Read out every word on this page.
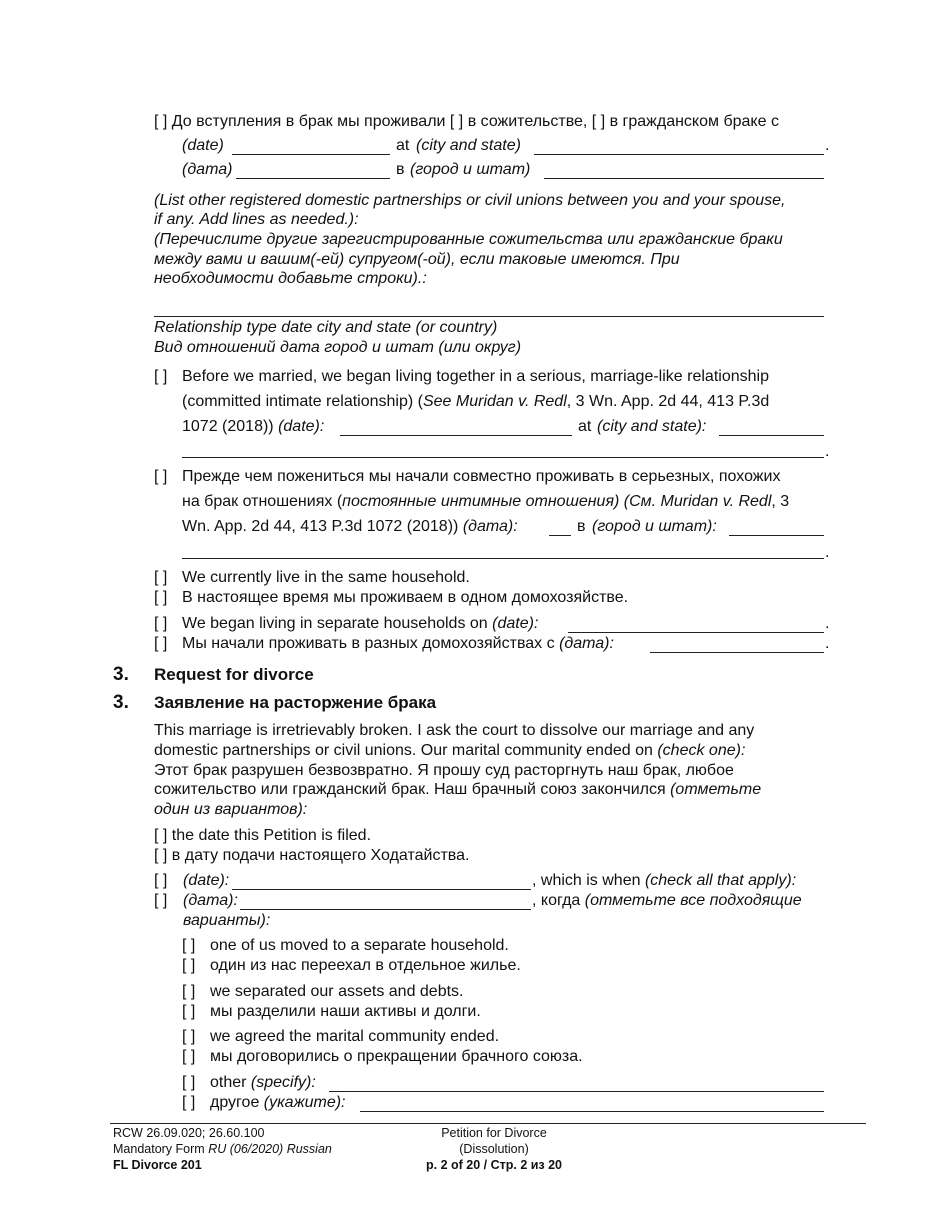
[ ] До вступления в брак мы проживали [ ] в сожительстве, [ ] в гражданском браке с
(date)	at (city and state)	.
(дата)	в (город и штат)
(List other registered domestic partnerships or civil unions between you and your spouse,
if any. Add lines as needed.):
(Перечислите другие зарегистрированные сожительства или гражданские браки
между вами и вашим(-ей) супругом(-ой), если таковые имеются. При
необходимости добавьте строки).:
Relationship type date city and state (or country)
Вид отношений дата город и штат (или округ)
[ ] Before we married, we began living together in a serious, marriage-like relationship
(committed intimate relationship) (See Muridan v. Redl, 3 Wn. App. 2d 44, 413 P.3d
1072 (2018)) (date):	at (city and state):
.
[ ] Прежде чем пожениться мы начали совместно проживать в серьезных, похожих
на брак отношениях (постоянные интимные отношения) (См. Muridan v. Redl, 3
Wn. App. 2d 44, 413 P.3d 1072 (2018)) (дата):	в (город и штат):
.
[ ] We currently live in the same household.
[ ] В настоящее время мы проживаем в одном домохозяйстве.
[ ] We began living in separate households on (date):	.
[ ] Мы начали проживать в разных домохозяйствах с (дата):	.
3. Request for divorce
3. Заявление на расторжение брака
This marriage is irretrievably broken. I ask the court to dissolve our marriage and any
domestic partnerships or civil unions. Our marital community ended on (check one):
Этот брак разрушен безвозвратно. Я прошу суд расторгнуть наш брак, любое
сожительство или гражданский брак. Наш брачный союз закончился (отметьте
один из вариантов):
[ ] the date this Petition is filed.
[ ] в дату подачи настоящего Ходатайства.
[ ] (date):	, which is when (check all that apply):
[ ] (дата):	, когда (отметьте все подходящие
варианты):
[ ] one of us moved to a separate household.
[ ] один из нас переехал в отдельное жилье.
[ ] we separated our assets and debts.
[ ] мы разделили наши активы и долги.
[ ] we agreed the marital community ended.
[ ] мы договорились о прекращении брачного союза.
[ ] other (specify):
[ ] другое (укажите):
RCW 26.09.020; 26.60.100
Mandatory Form RU (06/2020) Russian
FL Divorce 201
Petition for Divorce
(Dissolution)
p. 2 of 20 / Стр. 2 из 20
